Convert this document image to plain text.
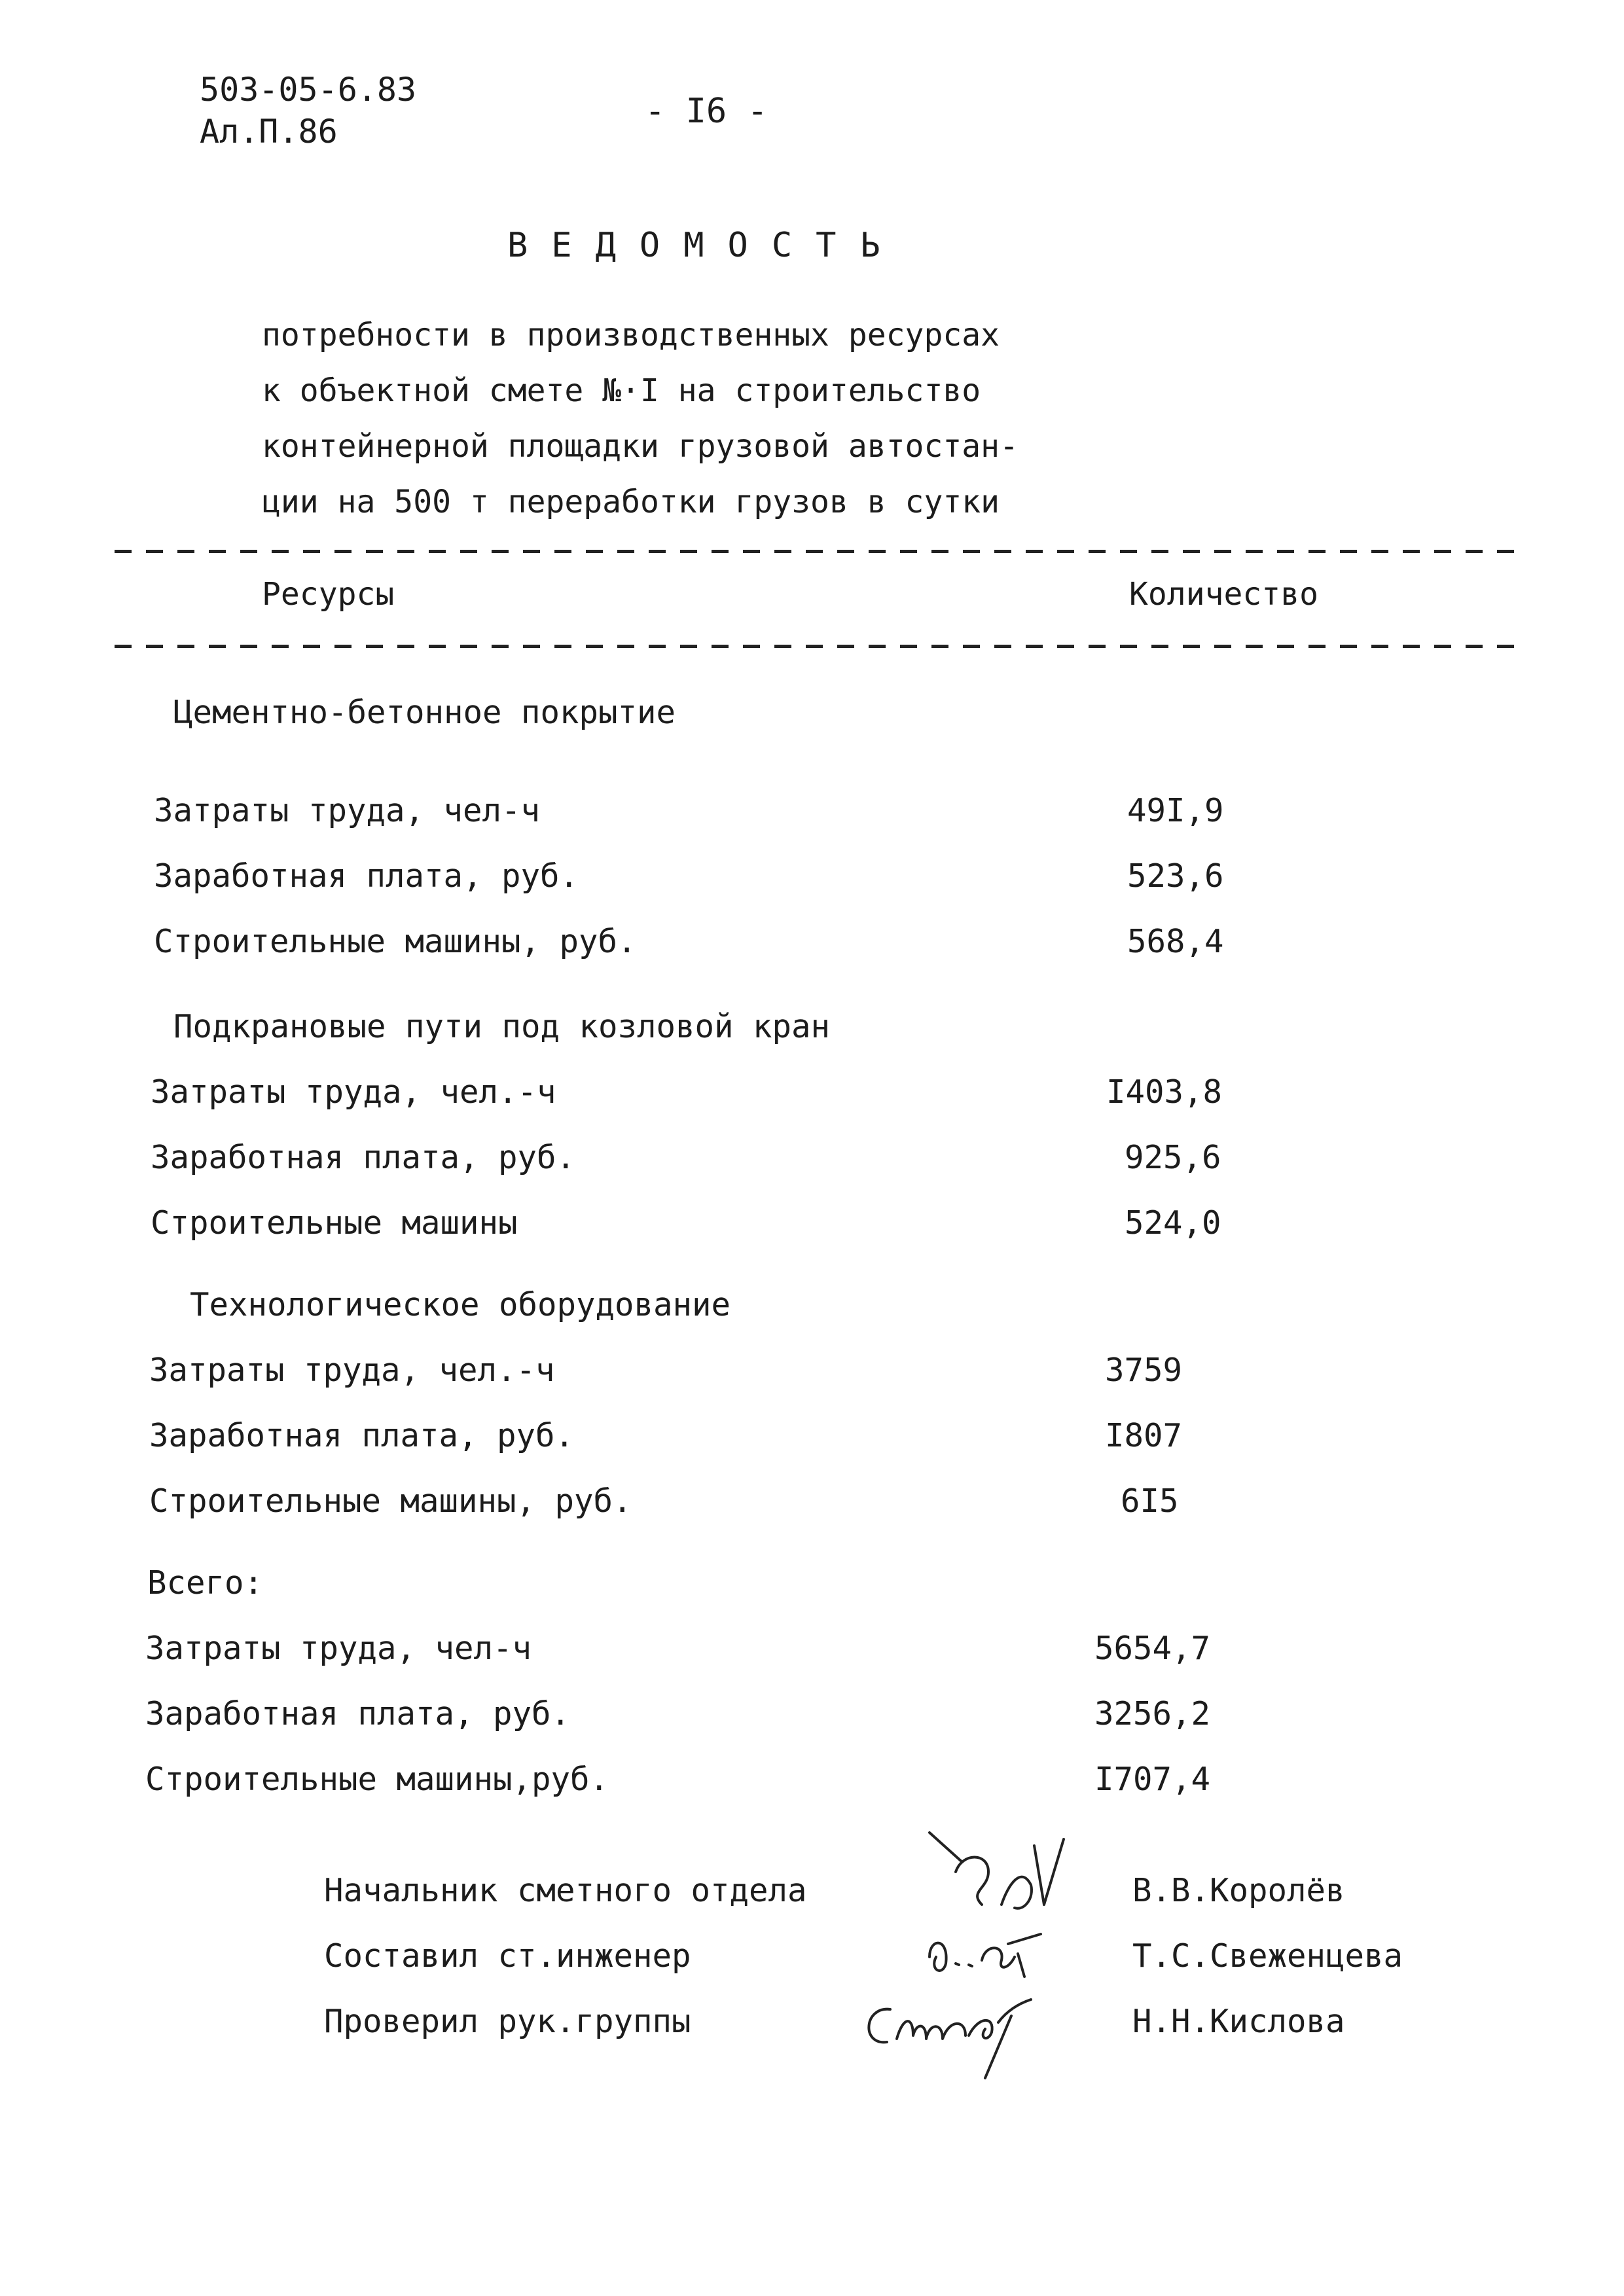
503-05-6.83
Ал.П.86
- I6 -
ВЕДОМОСТЬ
потребности в производственных ресурсах
к объектной смете №·I на строительство
контейнерной площадки грузовой автостан-
ции на 500 т переработки грузов в сутки
Ресурсы	Количество
Цементно-бетонное покрытие
Затраты труда, чел-ч	49I,9
Заработная плата, руб.	523,6
Строительные машины, руб.	568,4
Подкрановые пути под козловой кран
Затраты труда, чел.-ч	I403,8
Заработная плата, руб.	925,6
Строительные машины	524,0
Технологическое оборудование
Затраты труда, чел.-ч	3759
Заработная плата, руб.	I807
Строительные машины, руб.	6I5
Всего:
Затраты труда, чел-ч	5654,7
Заработная плата, руб.	3256,2
Строительные машины,руб.	I707,4
Начальник сметного отдела	В.В.Королёв
Составил ст.инженер	Т.С.Свеженцева
Проверил рук.группы	Н.Н.Кислова
